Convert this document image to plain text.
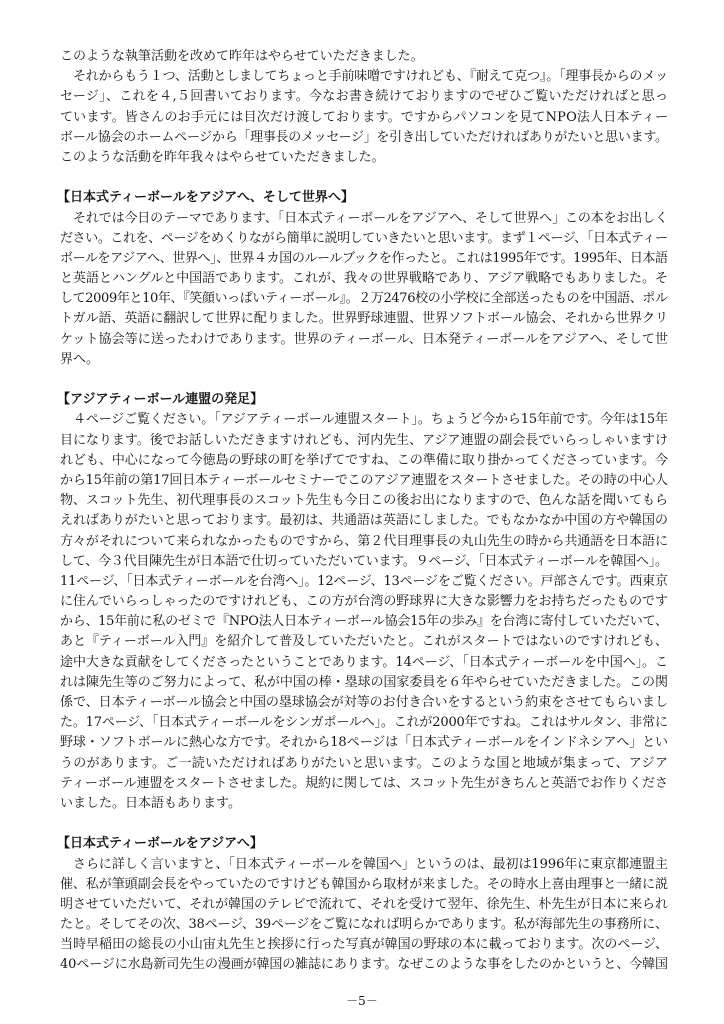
このような執筆活動を改めて昨年はやらせていただきました。
それからもう１つ、活動としましてちょっと手前味噌ですけれども、『耐えて克つ』。「理事長からのメッ
セージ」、これを４,５回書いております。今なお書き続けておりますのでぜひご覧いただければと思っ
ています。皆さんのお手元には目次だけ渡しております。ですからパソコンを見てNPO法人日本ティー
ボール協会のホームページから「理事長のメッセージ」を引き出していただければありがたいと思います。
このような活動を昨年我々はやらせていただきました。
【日本式ティーボールをアジアへ、そして世界へ】
それでは今日のテーマであります、「日本式ティーボールをアジアへ、そして世界へ」この本をお出しく
ださい。これを、ページをめくりながら簡単に説明していきたいと思います。まず１ページ、「日本式ティー
ボールをアジアへ、世界へ」、世界４カ国のルールブックを作ったと。これは1995年です。1995年、日本語
と英語とハングルと中国語であります。これが、我々の世界戦略であり、アジア戦略でもありました。そ
して2009年と10年、『笑顔いっぱいティーボール』。２万2476校の小学校に全部送ったものを中国語、ポル
トガル語、英語に翻訳して世界に配りました。世界野球連盟、世界ソフトボール協会、それから世界クリ
ケット協会等に送ったわけであります。世界のティーボール、日本発ティーボールをアジアへ、そして世
界へ。
【アジアティーボール連盟の発足】
４ページご覧ください。「アジアティーボール連盟スタート」。ちょうど今から15年前です。今年は15年
目になります。後でお話しいただきますけれども、河内先生、アジア連盟の副会長でいらっしゃいますけ
れども、中心になって今徳島の野球の町を挙げてですね、この準備に取り掛かってくださっています。今
から15年前の第17回日本ティーボールセミナーでこのアジア連盟をスタートさせました。その時の中心人
物、スコット先生、初代理事長のスコット先生も今日この後お出になりますので、色んな話を聞いてもら
えればありがたいと思っております。最初は、共通語は英語にしました。でもなかなか中国の方や韓国の
方々がそれについて来られなかったものですから、第２代目理事長の丸山先生の時から共通語を日本語に
して、今３代目陳先生が日本語で仕切っていただいています。９ページ、「日本式ティーボールを韓国へ」。
11ページ、「日本式ティーボールを台湾へ」。12ページ、13ページをご覧ください。戸部さんです。西東京
に住んでいらっしゃったのですけれども、この方が台湾の野球界に大きな影響力をお持ちだったものです
から、15年前に私のゼミで『NPO法人日本ティーボール協会15年の歩み』を台湾に寄付していただいて、
あと『ティーボール入門』を紹介して普及していただいたと。これがスタートではないのですけれども、
途中大きな貢献をしてくださったということであります。14ページ、「日本式ティーボールを中国へ」。こ
れは陳先生等のご努力によって、私が中国の棒・塁球の国家委員を６年やらせていただきました。この関
係で、日本ティーボール協会と中国の塁球協会が対等のお付き合いをするという約束をさせてもらいまし
た。17ページ、「日本式ティーボールをシンガポールへ」。これが2000年ですね。これはサルタン、非常に
野球・ソフトボールに熱心な方です。それから18ページは「日本式ティーボールをインドネシアへ」とい
うのがあります。ご一読いただければありがたいと思います。このような国と地域が集まって、アジア
ティーボール連盟をスタートさせました。規約に関しては、スコット先生がきちんと英語でお作りくださ
いました。日本語もあります。
【日本式ティーボールをアジアへ】
さらに詳しく言いますと、「日本式ティーボールを韓国へ」というのは、最初は1996年に東京都連盟主
催、私が筆頭副会長をやっていたのですけども韓国から取材が来ました。その時水上喜由理事と一緒に説
明させていただいて、それが韓国のテレビで流れて、それを受けて翌年、徐先生、朴先生が日本に来られ
たと。そしてその次、38ページ、39ページをご覧になれば明らかであります。私が海部先生の事務所に、
当時早稲田の総長の小山宙丸先生と挨拶に行った写真が韓国の野球の本に載っております。次のページ、
40ページに水島新司先生の漫画が韓国の雑誌にあります。なぜこのような事をしたのかというと、今韓国
－5－
